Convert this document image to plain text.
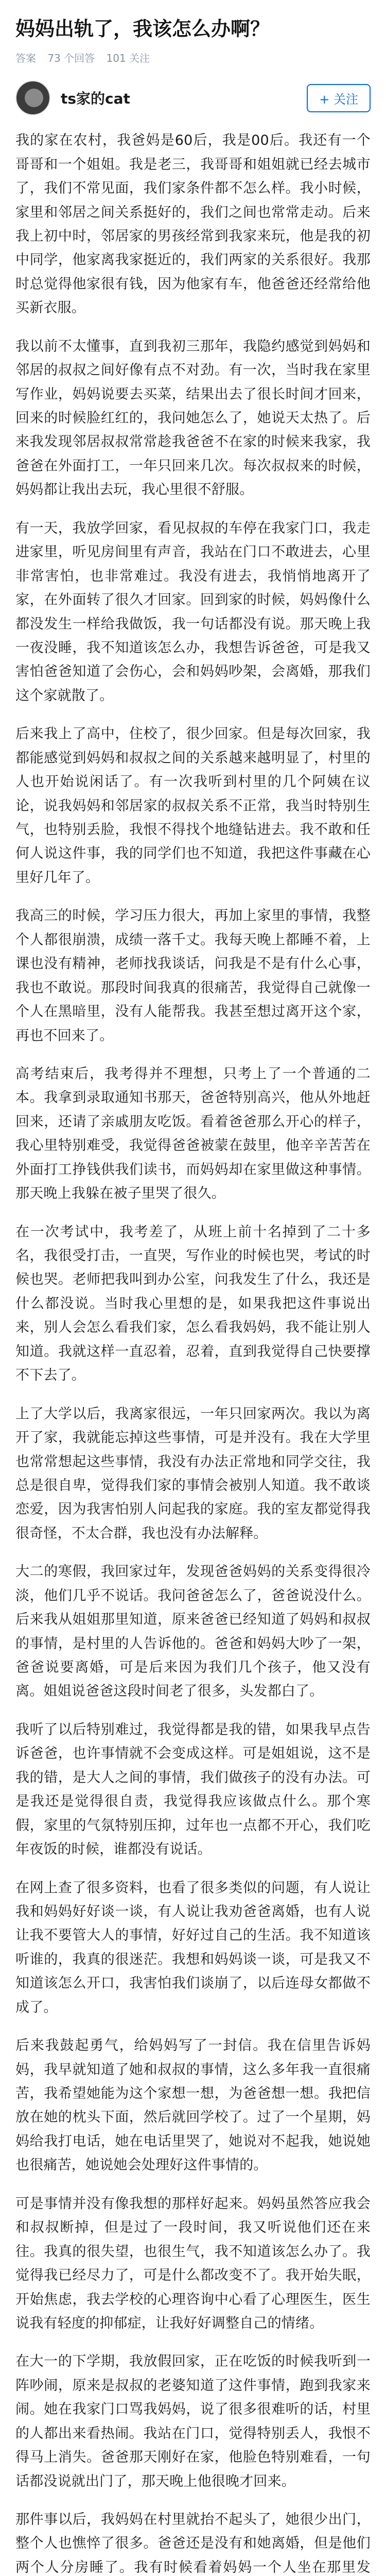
妈妈出轨了，我该怎么办啊？
答案 73 个回答 101 关注
ts家的cat	+ 关注

我的家在农村，我爸妈是60后，我是00后。我还有一个哥哥和一个姐姐。我是老三，我哥哥和姐姐就已经去城市了，我们不常见面，我们家条件都不怎么样。我小时候，家里和邻居之间关系挺好的，我们之间也常常走动。后来我上初中时，邻居家的男孩经常到我家来玩，他是我的初中同学，他家离我家挺近的，我们两家的关系很好。我那时总觉得他家很有钱，因为他家有车，他爸爸还经常给他买新衣服。

我以前不太懂事，直到我初三那年，我隐约感觉到妈妈和邻居的叔叔之间好像有点不对劲。有一次，当时我在家里写作业，妈妈说要去买菜，结果出去了很长时间才回来，回来的时候脸红红的，我问她怎么了，她说天太热了。后来我发现邻居叔叔常常趁我爸爸不在家的时候来我家，我爸爸在外面打工，一年只回来几次。每次叔叔来的时候，妈妈都让我出去玩，我心里很不舒服。

有一天，我放学回家，看见叔叔的车停在我家门口，我走进家里，听见房间里有声音，我站在门口不敢进去，心里非常害怕，也非常难过。我没有进去，我悄悄地离开了家，在外面转了很久才回家。回到家的时候，妈妈像什么都没发生一样给我做饭，我一句话都没有说。那天晚上我一夜没睡，我不知道该怎么办，我想告诉爸爸，可是我又害怕爸爸知道了会伤心，会和妈妈吵架，会离婚，那我们这个家就散了。

后来我上了高中，住校了，很少回家。但是每次回家，我都能感觉到妈妈和叔叔之间的关系越来越明显了，村里的人也开始说闲话了。有一次我听到村里的几个阿姨在议论，说我妈妈和邻居家的叔叔关系不正常，我当时特别生气，也特别丢脸，我恨不得找个地缝钻进去。我不敢和任何人说这件事，我的同学们也不知道，我把这件事藏在心里好几年了。

我高三的时候，学习压力很大，再加上家里的事情，我整个人都很崩溃，成绩一落千丈。我每天晚上都睡不着，上课也没有精神，老师找我谈话，问我是不是有什么心事，我也不敢说。那段时间我真的很痛苦，我觉得自己就像一个人在黑暗里，没有人能帮我。我甚至想过离开这个家，再也不回来了。

高考结束后，我考得并不理想，只考上了一个普通的二本。我拿到录取通知书那天，爸爸特别高兴，他从外地赶回来，还请了亲戚朋友吃饭。看着爸爸那么开心的样子，我心里特别难受，我觉得爸爸被蒙在鼓里，他辛辛苦苦在外面打工挣钱供我们读书，而妈妈却在家里做这种事情。那天晚上我躲在被子里哭了很久。

在一次考试中，我考差了，从班上前十名掉到了二十多名，我很受打击，一直哭，写作业的时候也哭，考试的时候也哭。老师把我叫到办公室，问我发生了什么，我还是什么都没说。当时我心里想的是，如果我把这件事说出来，别人会怎么看我们家，怎么看我妈妈，我不能让别人知道。我就这样一直忍着，忍着，直到我觉得自己快要撑不下去了。

上了大学以后，我离家很远，一年只回家两次。我以为离开了家，我就能忘掉这些事情，可是并没有。我在大学里也常常想起这些事情，我没有办法正常地和同学交往，我总是很自卑，觉得我们家的事情会被别人知道。我不敢谈恋爱，因为我害怕别人问起我的家庭。我的室友都觉得我很奇怪，不太合群，我也没有办法解释。

大二的寒假，我回家过年，发现爸爸妈妈的关系变得很冷淡，他们几乎不说话。我问爸爸怎么了，爸爸说没什么。后来我从姐姐那里知道，原来爸爸已经知道了妈妈和叔叔的事情，是村里的人告诉他的。爸爸和妈妈大吵了一架，爸爸说要离婚，可是后来因为我们几个孩子，他又没有离。姐姐说爸爸这段时间老了很多，头发都白了。

我听了以后特别难过，我觉得都是我的错，如果我早点告诉爸爸，也许事情就不会变成这样。可是姐姐说，这不是我的错，是大人之间的事情，我们做孩子的没有办法。可是我还是觉得很自责，我觉得我应该做点什么。那个寒假，家里的气氛特别压抑，过年也一点都不开心，我们吃年夜饭的时候，谁都没有说话。

在网上查了很多资料，也看了很多类似的问题，有人说让我和妈妈好好谈一谈，有人说让我劝爸爸离婚，也有人说让我不要管大人的事情，好好过自己的生活。我不知道该听谁的，我真的很迷茫。我想和妈妈谈一谈，可是我又不知道该怎么开口，我害怕我们谈崩了，以后连母女都做不成了。

后来我鼓起勇气，给妈妈写了一封信。我在信里告诉妈妈，我早就知道了她和叔叔的事情，这么多年我一直很痛苦，我希望她能为这个家想一想，为爸爸想一想。我把信放在她的枕头下面，然后就回学校了。过了一个星期，妈妈给我打电话，她在电话里哭了，她说对不起我，她说她也很痛苦，她说她会处理好这件事情的。

可是事情并没有像我想的那样好起来。妈妈虽然答应我会和叔叔断掉，但是过了一段时间，我又听说他们还在来往。我真的很失望，也很生气，我不知道该怎么办了。我觉得我已经尽力了，可是什么都改变不了。我开始失眠，开始焦虑，我去学校的心理咨询中心看了心理医生，医生说我有轻度的抑郁症，让我好好调整自己的情绪。

在大一的下学期，我放假回家，正在吃饭的时候我听到一阵吵闹，原来是叔叔的老婆知道了这件事情，跑到我家来闹。她在我家门口骂我妈妈，说了很多很难听的话，村里的人都出来看热闹。我站在门口，觉得特别丢人，我恨不得马上消失。爸爸那天刚好在家，他脸色特别难看，一句话都没说就出门了，那天晚上他很晚才回来。

那件事以后，我妈妈在村里就抬不起头了，她很少出门，整个人也憔悴了很多。爸爸还是没有和她离婚，但是他们两个人分房睡了。我有时候看着妈妈一个人坐在那里发
